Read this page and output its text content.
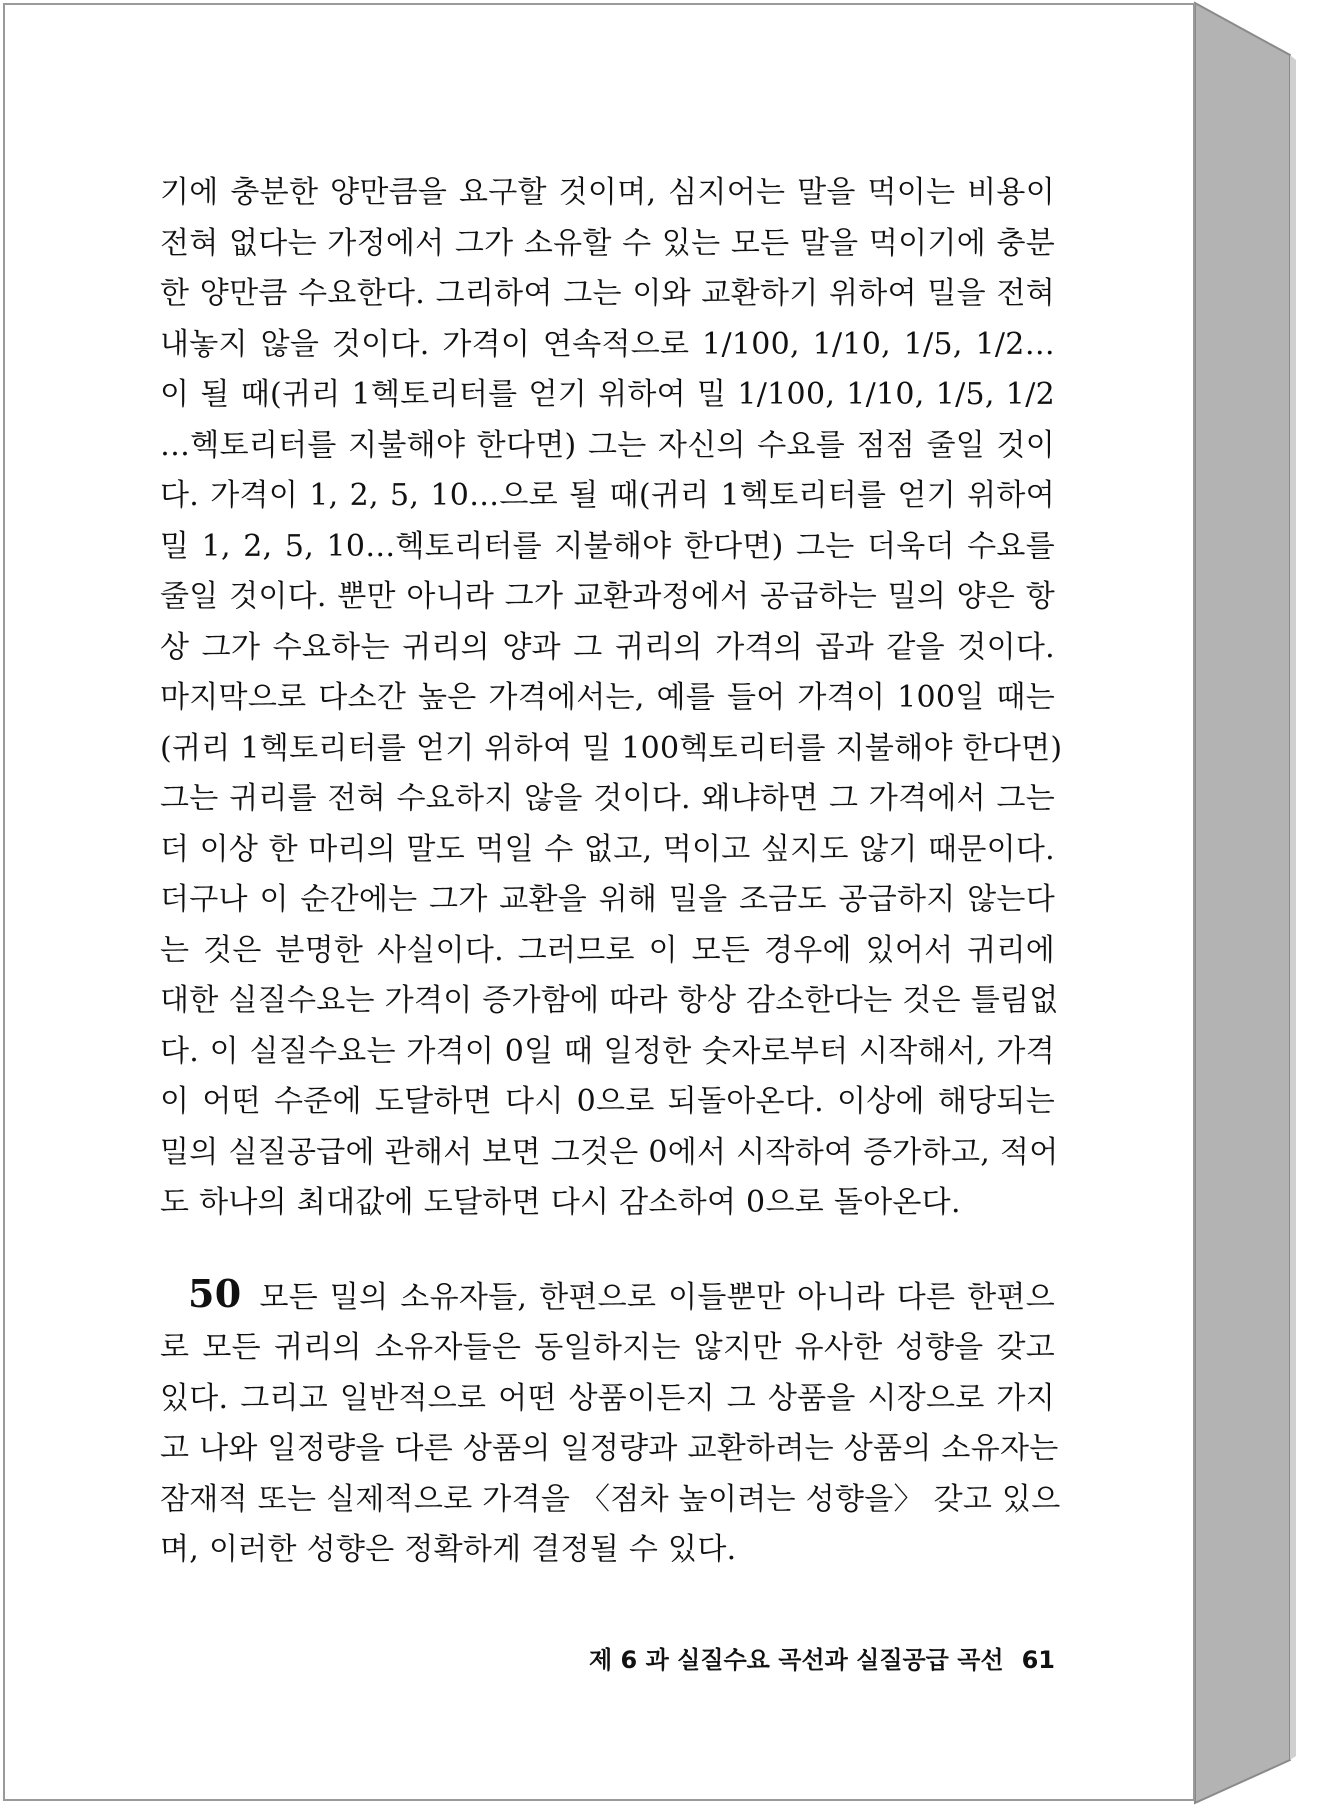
기에 충분한 양만큼을 요구할 것이며, 심지어는 말을 먹이는 비용이
전혀 없다는 가정에서 그가 소유할 수 있는 모든 말을 먹이기에 충분
한 양만큼 수요한다. 그리하여 그는 이와 교환하기 위하여 밀을 전혀
내놓지 않을 것이다. 가격이 연속적으로 1/100, 1/10, 1/5, 1/2…
이 될 때(귀리 1헥토리터를 얻기 위하여 밀 1/100, 1/10, 1/5, 1/2
…헥토리터를 지불해야 한다면) 그는 자신의 수요를 점점 줄일 것이
다. 가격이 1, 2, 5, 10…으로 될 때(귀리 1헥토리터를 얻기 위하여
밀 1, 2, 5, 10…헥토리터를 지불해야 한다면) 그는 더욱더 수요를
줄일 것이다. 뿐만 아니라 그가 교환과정에서 공급하는 밀의 양은 항
상 그가 수요하는 귀리의 양과 그 귀리의 가격의 곱과 같을 것이다.
마지막으로 다소간 높은 가격에서는, 예를 들어 가격이 100일 때는
(귀리 1헥토리터를 얻기 위하여 밀 100헥토리터를 지불해야 한다면)
그는 귀리를 전혀 수요하지 않을 것이다. 왜냐하면 그 가격에서 그는
더 이상 한 마리의 말도 먹일 수 없고, 먹이고 싶지도 않기 때문이다.
더구나 이 순간에는 그가 교환을 위해 밀을 조금도 공급하지 않는다
는 것은 분명한 사실이다. 그러므로 이 모든 경우에 있어서 귀리에
대한 실질수요는 가격이 증가함에 따라 항상 감소한다는 것은 틀림없
다. 이 실질수요는 가격이 0일 때 일정한 숫자로부터 시작해서, 가격
이 어떤 수준에 도달하면 다시 0으로 되돌아온다. 이상에 해당되는
밀의 실질공급에 관해서 보면 그것은 0에서 시작하여 증가하고, 적어
도 하나의 최대값에 도달하면 다시 감소하여 0으로 돌아온다.

50 모든 밀의 소유자들, 한편으로 이들뿐만 아니라 다른 한편으
로 모든 귀리의 소유자들은 동일하지는 않지만 유사한 성향을 갖고
있다. 그리고 일반적으로 어떤 상품이든지 그 상품을 시장으로 가지
고 나와 일정량을 다른 상품의 일정량과 교환하려는 상품의 소유자는
잠재적 또는 실제적으로 가격을 〈점차 높이려는 성향을〉 갖고 있으
며, 이러한 성향은 정확하게 결정될 수 있다.

제 6 과 실질수요 곡선과 실질공급 곡선 61
